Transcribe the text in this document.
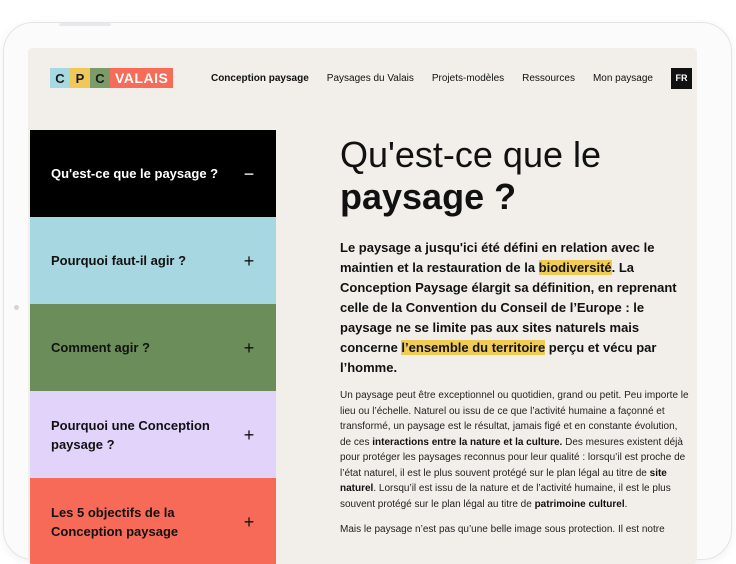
C P C VALAIS	Conception paysage Paysages du Valais Projets-modèles Ressources Mon paysage	FR
Qu'est-ce que le paysage ? −
Pourquoi faut-il agir ?	+
Comment agir ?	+
Pourquoi une Conception paysage ?	+
Les 5 objectifs de la Conception paysage	+
Qu'est-ce que le
paysage ?
Le paysage a jusqu'ici été défini en relation avec le maintien et la restauration de la biodiversité. La Conception Paysage élargit sa définition, en reprenant celle de la Convention du Conseil de l’Europe : le paysage ne se limite pas aux sites naturels mais concerne l’ensemble du territoire perçu et vécu par l’homme.
Un paysage peut être exceptionnel ou quotidien, grand ou petit. Peu importe le lieu ou l’échelle. Naturel ou issu de ce que l’activité humaine a façonné et transformé, un paysage est le résultat, jamais figé et en constante évolution, de ces interactions entre la nature et la culture. Des mesures existent déjà pour protéger les paysages reconnus pour leur qualité : lorsqu’il est proche de l’état naturel, il est le plus souvent protégé sur le plan légal au titre de site naturel. Lorsqu’il est issu de la nature et de l’activité humaine, il est le plus souvent protégé sur le plan légal au titre de patrimoine culturel.
Mais le paysage n’est pas qu’une belle image sous protection. Il est notre
